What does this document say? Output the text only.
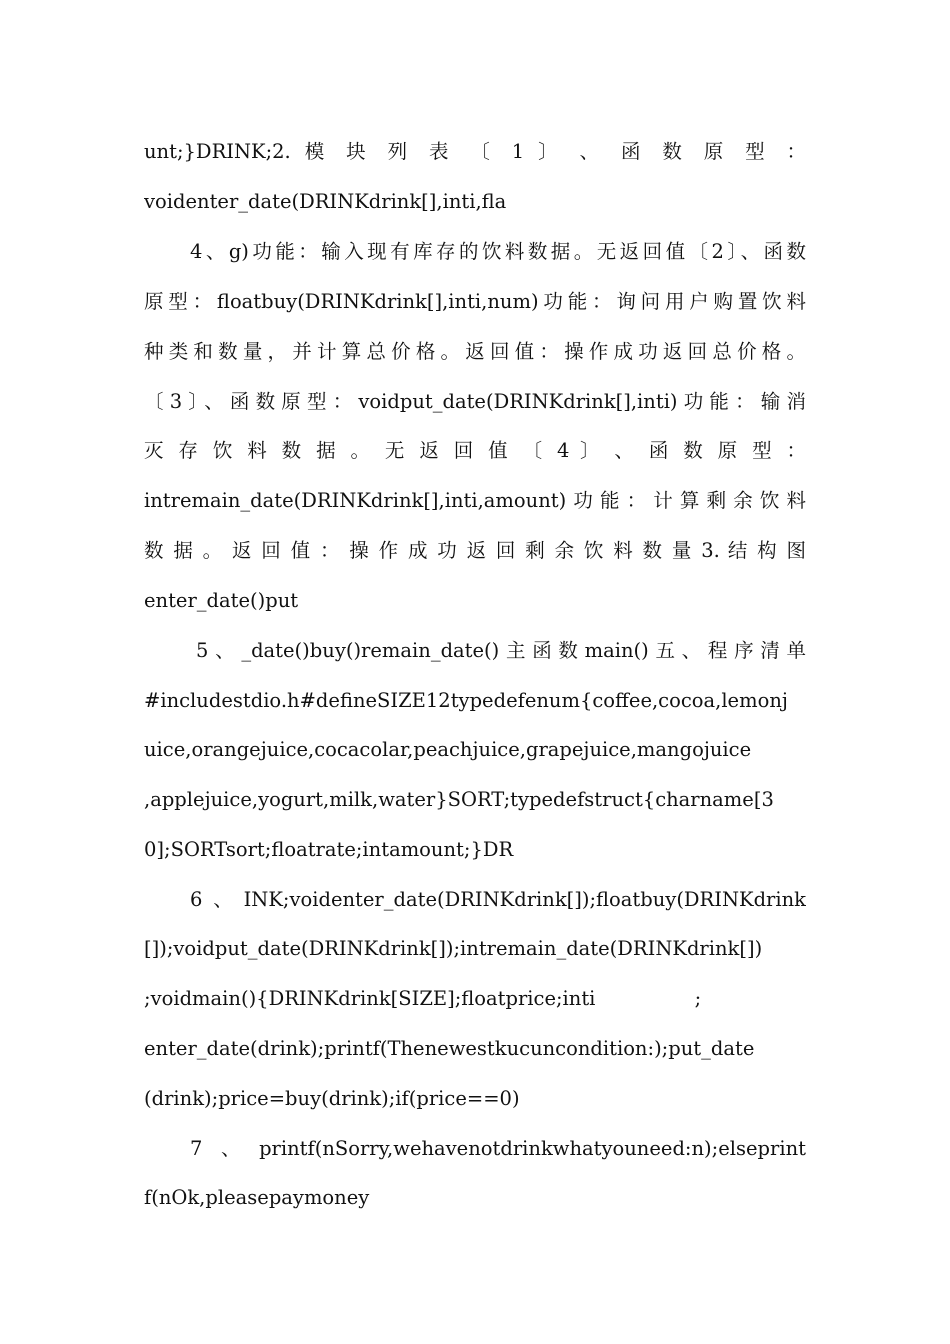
unt;}DRINK;2. 模 块 列 表 〔 1 〕 、 函 数 原 型 ：
voidenter_date(DRINKdrink[],inti,fla
4、g)功能：输入现有库存的饮料数据。无返回值〔2〕、函数
原型：floatbuy(DRINKdrink[],inti,num)功能：询问用户购置饮料
种类和数量，并计算总价格。返回值：操作成功返回总价格。
〔3〕、函数原型：voidput_date(DRINKdrink[],inti)功能：输消
灭 存 饮 料 数 据 。 无 返 回 值 〔 4 〕 、 函 数 原 型 ：
intremain_date(DRINKdrink[],inti,amount)功能：计算剩余饮料
数 据 。 返 回 值 ： 操 作 成 功 返 回 剩 余 饮 料 数 量 3. 结 构 图
enter_date()put
5、_date()buy()remain_date()主函数main()五、程序清单
#includestdio.h#defineSIZE12typedefenum{coffee,cocoa,lemonj
uice,orangejuice,cocacolar,peachjuice,grapejuice,mangojuice
,applejuice,yogurt,milk,water}SORT;typedefstruct{charname[3
0];SORTsort;floatrate;intamount;}DR
6、INK;voidenter_date(DRINKdrink[]);floatbuy(DRINKdrink
[]);voidput_date(DRINKdrink[]);intremain_date(DRINKdrink[])
;voidmain(){DRINKdrink[SIZE];floatprice;inti                ;
enter_date(drink);printf(Thenewestkucuncondition:);put_date
(drink);price=buy(drink);if(price==0)
7、printf(nSorry,wehavenotdrinkwhatyouneed:n);elseprint
f(nOk,pleasepaymoney
